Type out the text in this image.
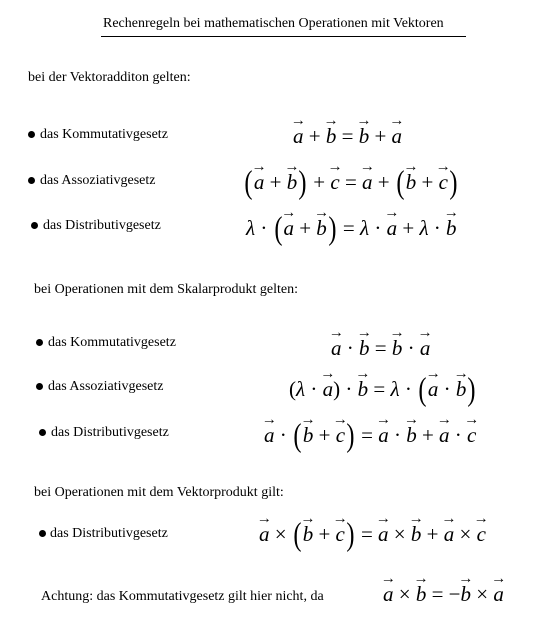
Rechenregeln bei mathematischen Operationen mit Vektoren
bei der Vektoradditon gelten:
das Kommutativgesetz	→ a + → b = → b + → a
das Assoziativgesetz	(→ a + → b) + → c = → a + (→ b + → c)
das Distributivgesetz	λ · (→ a + → b) = λ · → a + λ · → b
bei Operationen mit dem Skalarprodukt gelten:
das Kommutativgesetz	→ a · → b = → b · → a
das Assoziativgesetz	(λ · → a) · → b = λ · (→ a · → b)
das Distributivgesetz	→ a · (→ b + → c) = → a · → b + → a · → c
bei Operationen mit dem Vektorprodukt gilt:
das Distributivgesetz	→ a × (→ b + → c) = → a × → b + → a × → c
Achtung: das Kommutativgesetz gilt hier nicht, da	→ a × → b = −→ b × → a
